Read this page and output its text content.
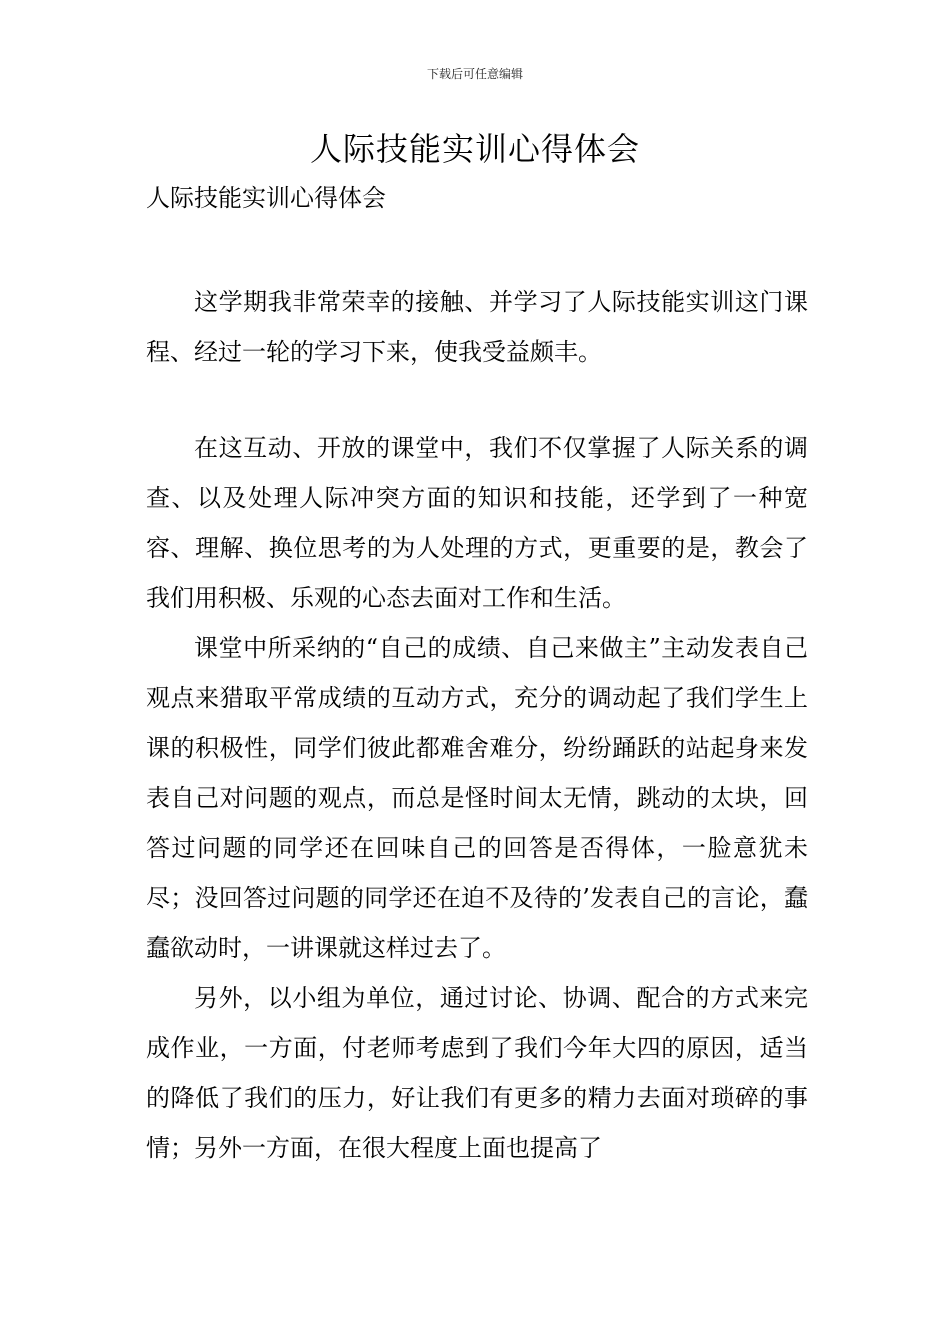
下载后可任意编辑
人际技能实训心得体会
人际技能实训心得体会

这学期我非常荣幸的接触、并学习了人际技能实训这门课程、经过一轮的学习下来，使我受益颇丰。

在这互动、开放的课堂中，我们不仅掌握了人际关系的调查、以及处理人际冲突方面的知识和技能，还学到了一种宽容、理解、换位思考的为人处理的方式，更重要的是，教会了我们用积极、乐观的心态去面对工作和生活。

课堂中所采纳的“自己的成绩、自己来做主”主动发表自己观点来猎取平常成绩的互动方式，充分的调动起了我们学生上课的积极性，同学们彼此都难舍难分，纷纷踊跃的站起身来发表自己对问题的观点，而总是怪时间太无情，跳动的太块，回答过问题的同学还在回味自己的回答是否得体，一脸意犹未尽；没回答过问题的同学还在迫不及待的’发表自己的言论，蠢蠢欲动时，一讲课就这样过去了。

另外，以小组为单位，通过讨论、协调、配合的方式来完成作业，一方面，付老师考虑到了我们今年大四的原因，适当的降低了我们的压力，好让我们有更多的精力去面对琐碎的事情；另外一方面，在很大程度上面也提高了
